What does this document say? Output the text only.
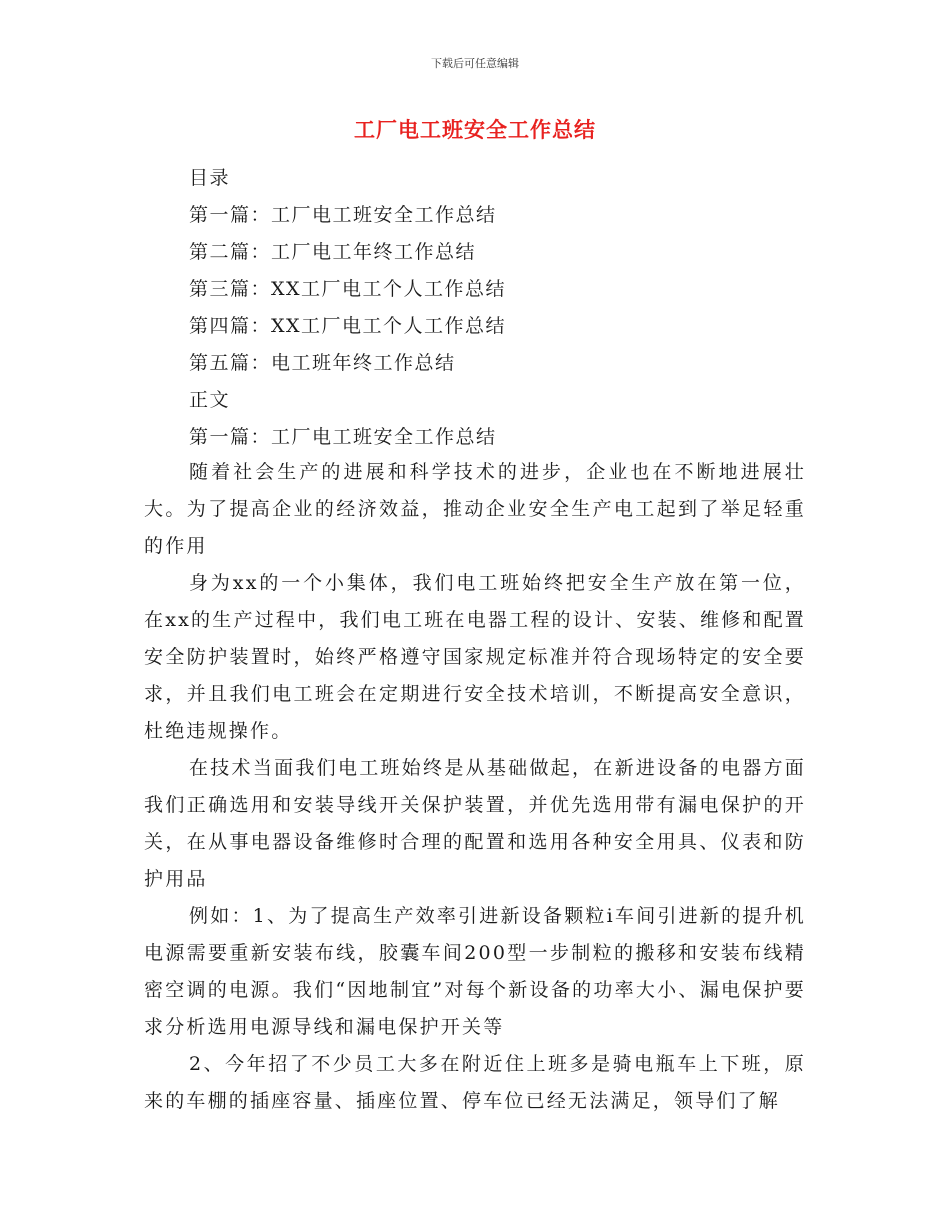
下载后可任意编辑
工厂电工班安全工作总结
目录
第一篇：工厂电工班安全工作总结
第二篇：工厂电工年终工作总结
第三篇：XX工厂电工个人工作总结
第四篇：XX工厂电工个人工作总结
第五篇：电工班年终工作总结
正文
第一篇：工厂电工班安全工作总结

随着社会生产的进展和科学技术的进步，企业也在不断地进展壮大。为了提高企业的经济效益，推动企业安全生产电工起到了举足轻重的作用

身为xx的一个小集体，我们电工班始终把安全生产放在第一位，在xx的生产过程中，我们电工班在电器工程的设计、安装、维修和配置安全防护装置时，始终严格遵守国家规定标准并符合现场特定的安全要求，并且我们电工班会在定期进行安全技术培训，不断提高安全意识，杜绝违规操作。

在技术当面我们电工班始终是从基础做起，在新进设备的电器方面我们正确选用和安装导线开关保护装置，并优先选用带有漏电保护的开关，在从事电器设备维修时合理的配置和选用各种安全用具、仪表和防护用品

例如：1、为了提高生产效率引进新设备颗粒i车间引进新的提升机电源需要重新安装布线，胶囊车间200型一步制粒的搬移和安装布线精密空调的电源。我们“因地制宜”对每个新设备的功率大小、漏电保护要求分析选用电源导线和漏电保护开关等

2、今年招了不少员工大多在附近住上班多是骑电瓶车上下班，原来的车棚的插座容量、插座位置、停车位已经无法满足，领导们了解
